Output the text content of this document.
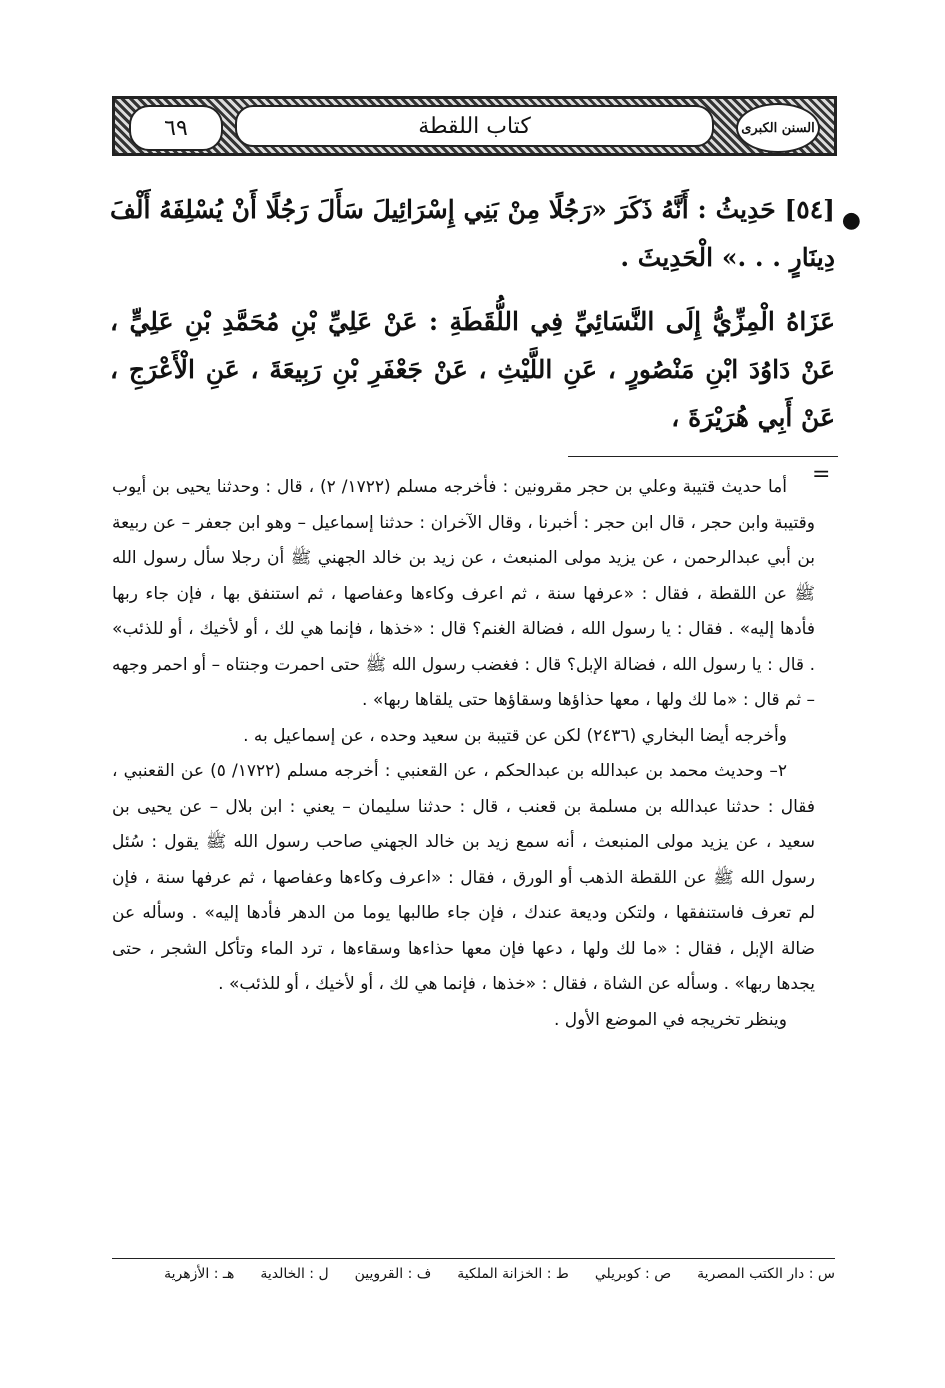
٦٩	كتاب اللقطة	السنن الكبرى
●

[٥٤] حَدِيثُ : أَنَّهُ ذَكَرَ «رَجُلًا مِنْ بَنِي إِسْرَائِيلَ سَأَلَ رَجُلًا أَنْ يُسْلِفَهُ أَلْفَ دِينَارٍ . . .» الْحَدِيثَ .

عَزَاهُ الْمِزِّيُّ إِلَى النَّسَائِيِّ فِي اللُّقَطَةِ : عَنْ عَلِيِّ بْنِ مُحَمَّدِ بْنِ عَلِيٍّ ، عَنْ دَاوُدَ ابْنِ مَنْصُورٍ ، عَنِ اللَّيْثِ ، عَنْ جَعْفَرِ بْنِ رَبِيعَةَ ، عَنِ الْأَعْرَجِ ، عَنْ أَبِي هُرَيْرَةَ ،

=

أما حديث قتيبة وعلي بن حجر مقرونين : فأخرجه مسلم (١٧٢٢/ ٢) ، قال : وحدثنا يحيى بن أيوب وقتيبة وابن حجر ، قال ابن حجر : أخبرنا ، وقال الآخران : حدثنا إسماعيل – وهو ابن جعفر – عن ربيعة بن أبي عبدالرحمن ، عن يزيد مولى المنبعث ، عن زيد بن خالد الجهني ﷺ أن رجلا سأل رسول الله ﷺ عن اللقطة ، فقال : «عرفها سنة ، ثم اعرف وكاءها وعفاصها ، ثم استنفق بها ، فإن جاء ربها فأدها إليه» . فقال : يا رسول الله ، فضالة الغنم؟ قال : «خذها ، فإنما هي لك ، أو لأخيك ، أو للذئب» . قال : يا رسول الله ، فضالة الإبل؟ قال : فغضب رسول الله ﷺ حتى احمرت وجنتاه – أو احمر وجهه – ثم قال : «ما لك ولها ، معها حذاؤها وسقاؤها حتى يلقاها ربها» .

وأخرجه أيضا البخاري (٢٤٣٦) لكن عن قتيبة بن سعيد وحده ، عن إسماعيل به .

٢– وحديث محمد بن عبدالله بن عبدالحكم ، عن القعنبي : أخرجه مسلم (١٧٢٢/ ٥) عن القعنبي ، فقال : حدثنا عبدالله بن مسلمة بن قعنب ، قال : حدثنا سليمان – يعني : ابن بلال – عن يحيى بن سعيد ، عن يزيد مولى المنبعث ، أنه سمع زيد بن خالد الجهني صاحب رسول الله ﷺ يقول : سُئل رسول الله ﷺ عن اللقطة الذهب أو الورق ، فقال : «اعرف وكاءها وعفاصها ، ثم عرفها سنة ، فإن لم تعرف فاستنفقها ، ولتكن وديعة عندك ، فإن جاء طالبها يوما من الدهر فأدها إليه» . وسأله عن ضالة الإبل ، فقال : «ما لك ولها ، دعها فإن معها حذاءها وسقاءها ، ترد الماء وتأكل الشجر ، حتى يجدها ربها» . وسأله عن الشاة ، فقال : «خذها ، فإنما هي لك ، أو لأخيك ، أو للذئب» .

وينظر تخريجه في الموضع الأول .

س : دار الكتب المصرية
ص : كوبريلي
ط : الخزانة الملكية
ف : القرويين
ل : الخالدية
هـ : الأزهرية
